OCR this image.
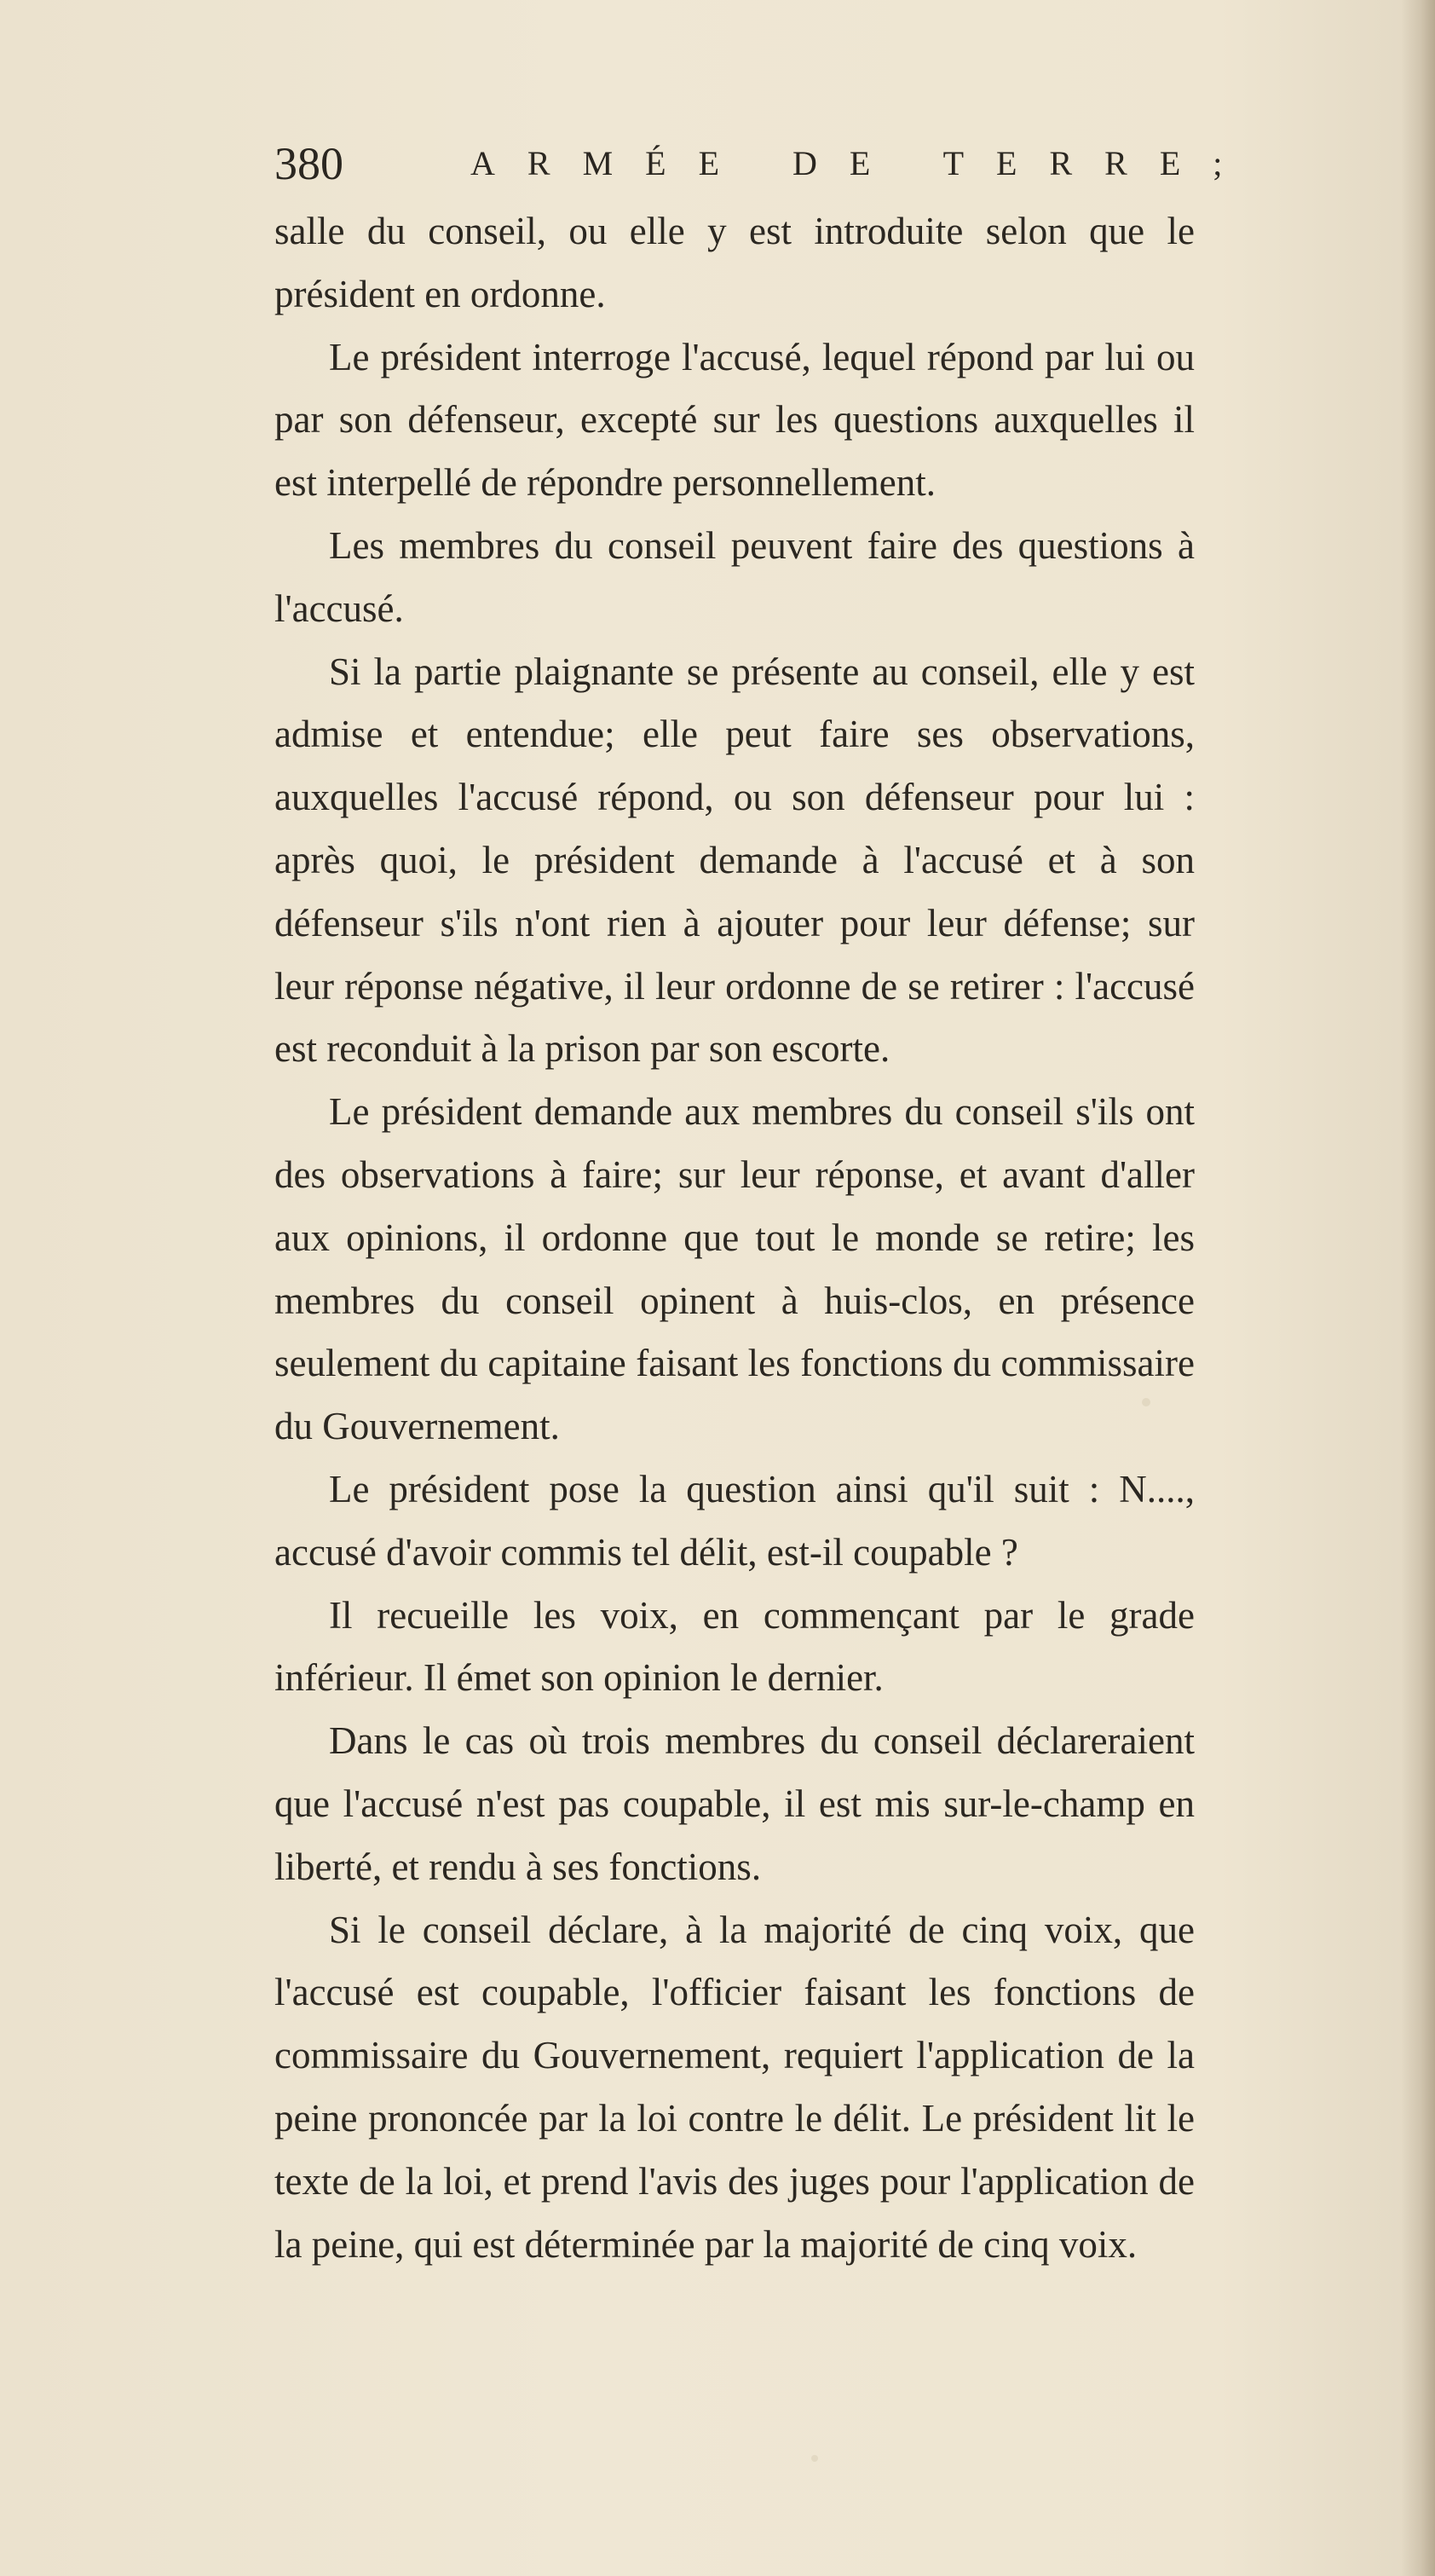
380	ARMÉE DE TERRE;

salle du conseil, ou elle y est introduite selon que le président en ordonne.

Le président interroge l'accusé, lequel répond par lui ou par son défenseur, excepté sur les questions auxquelles il est interpellé de répondre personnellement.

Les membres du conseil peuvent faire des questions à l'accusé.

Si la partie plaignante se présente au conseil, elle y est admise et entendue; elle peut faire ses observations, auxquelles l'accusé répond, ou son défenseur pour lui : après quoi, le président demande à l'accusé et à son défenseur s'ils n'ont rien à ajouter pour leur défense; sur leur réponse négative, il leur ordonne de se retirer : l'accusé est reconduit à la prison par son escorte.

Le président demande aux membres du conseil s'ils ont des observations à faire; sur leur réponse, et avant d'aller aux opinions, il ordonne que tout le monde se retire; les membres du conseil opinent à huis-clos, en présence seulement du capitaine faisant les fonctions du commissaire du Gouvernement.

Le président pose la question ainsi qu'il suit : N...., accusé d'avoir commis tel délit, est-il coupable ?

Il recueille les voix, en commençant par le grade inférieur. Il émet son opinion le dernier.

Dans le cas où trois membres du conseil déclareraient que l'accusé n'est pas coupable, il est mis sur-le-champ en liberté, et rendu à ses fonctions.

Si le conseil déclare, à la majorité de cinq voix, que l'accusé est coupable, l'officier faisant les fonctions de commissaire du Gouvernement, requiert l'application de la peine prononcée par la loi contre le délit. Le président lit le texte de la loi, et prend l'avis des juges pour l'application de la peine, qui est déterminée par la majorité de cinq voix.
